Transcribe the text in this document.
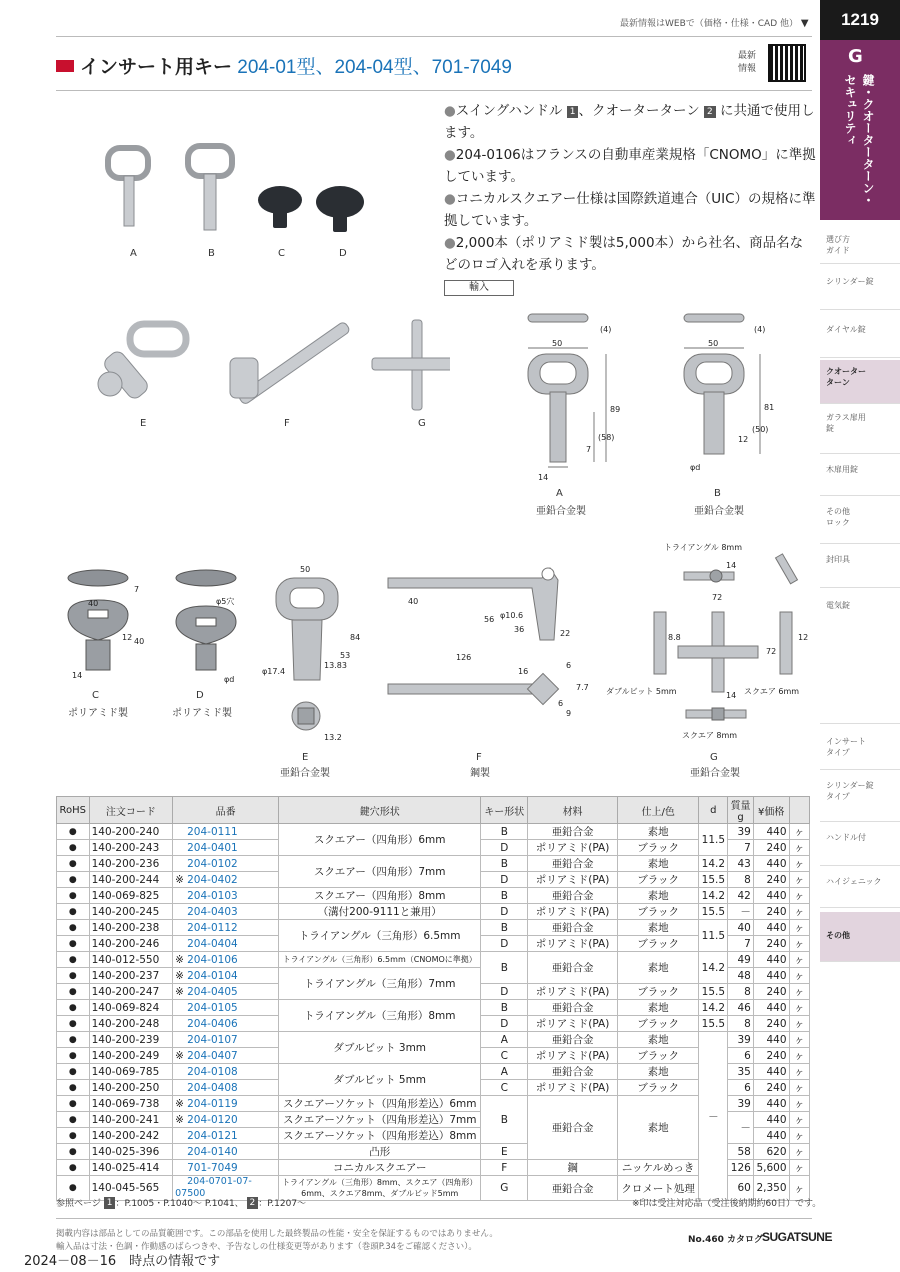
最新情報はWEBで（価格・仕様・CAD 他） ▼
インサート用キー 204-01型、204-04型、701-7049
最新
情報
1219
G
鍵・クオーターターン・
セキュリティ
選び方
ガイド
シリンダー錠
ダイヤル錠
クオーター
ターン
ガラス扉用
錠
木扉用錠
その他
ロック
封印具
電気錠
インサート
タイプ
シリンダー錠
タイプ
ハンドル付
ハイジェニック
その他

●スイングハンドル 1 、クオーターターン 2 に共通で使用します。

●204-0106はフランスの自動車産業規格「CNOMO」に準拠しています。

●コニカルスクエアー仕様は国際鉄道連合（UIC）の規格に準拠しています。

●2,000本（ポリアミド製は5,000本）から社名、商品名などのロゴ入れを承ります。

輸入
A	B	C	D
E	F	G
50
89
(58)
7
14
(4)
A
亜鉛合金製
50
81
(50)
12
φd
(4)
B
亜鉛合金製
40
40
12
14
7
C
ポリアミド製
φ5穴
φd
D
ポリアミド製
50
84
53
13.83
φ17.4
13.2
E
亜鉛合金製
40
126
56 φ10.6
36	22
16
7.7
9
6
6
F
鋼製
トライアングル 8mm
72
72
ダブルビット 5mm	スクエア 6mm
スクエア 8mm
14
14
8.8	12
G
亜鉛合金製
RoHS	注文コード	品番	鍵穴形状	キー形状	材料	仕上/色	d	質量g	¥価格	
●	140-200-240	204-0111	スクエアー（四角形）6mm	B	亜鉛合金	素地	11.5	39	440	ヶ
●	140-200-243	204-0401		D	ポリアミド(PA)	ブラック		7	240	ヶ
●	140-200-236	204-0102	スクエアー（四角形）7mm	B	亜鉛合金	素地	14.2	43	440	ヶ
●	140-200-244	※ 204-0402		D	ポリアミド(PA)	ブラック	15.5	8	240	ヶ
●	140-069-825	204-0103	スクエアー（四角形）8mm	B	亜鉛合金	素地	14.2	42	440	ヶ
●	140-200-245	204-0403	（溝付200-9111と兼用）	D	ポリアミド(PA)	ブラック	15.5	－	240	ヶ
●	140-200-238	204-0112	トライアングル（三角形）6.5mm	B	亜鉛合金	素地	11.5	40	440	ヶ
●	140-200-246	204-0404		D	ポリアミド(PA)	ブラック		7	240	ヶ
●	140-012-550	※ 204-0106	トライアングル（三角形）6.5mm（CNOMOに準拠）	B	亜鉛合金	素地	14.2	49	440	ヶ
●	140-200-237	※ 204-0104	トライアングル（三角形）7mm					48	440	ヶ
●	140-200-247	※ 204-0405		D	ポリアミド(PA)	ブラック	15.5	8	240	ヶ
●	140-069-824	204-0105	トライアングル（三角形）8mm	B	亜鉛合金	素地	14.2	46	440	ヶ
●	140-200-248	204-0406		D	ポリアミド(PA)	ブラック	15.5	8	240	ヶ
●	140-200-239	204-0107	ダブルビット 3mm	A	亜鉛合金	素地	－	39	440	ヶ
●	140-200-249	※ 204-0407		C	ポリアミド(PA)	ブラック		6	240	ヶ
●	140-069-785	204-0108	ダブルビット 5mm	A	亜鉛合金	素地		35	440	ヶ
●	140-200-250	204-0408		C	ポリアミド(PA)	ブラック		6	240	ヶ
●	140-069-738	※ 204-0119	スクエアーソケット（四角形差込）6mm	B	亜鉛合金	素地		39	440	ヶ
●	140-200-241	※ 204-0120	スクエアーソケット（四角形差込）7mm					－	440	ヶ
●	140-200-242	204-0121	スクエアーソケット（四角形差込）8mm						440	ヶ
●	140-025-396	204-0140	凸形	E				58	620	ヶ
●	140-025-414	701-7049	コニカルスクエアー	F	鋼	ニッケルめっき		126	5,600	ヶ
●	140-045-565	204-0701-07-07500	トライアングル（三角形）8mm、スクエア（四角形）6mm、スクエア8mm、ダブルビッド5mm	G	亜鉛合金	クロメート処理		60	2,350	ヶ
参照ページ 1 ：P.1005・P.1040～ P.1041、 2 ：P.1207～	※印は受注対応品（受注後納期約60日）です。
掲載内容は部品としての品質範囲です。この部品を使用した最終製品の性能・安全を保証するものではありません。
輸入品は寸法・色調・作動感のばらつきや、予告なしの仕様変更等があります（巻頭P.34をご確認ください）。
No.460 カタログ
SUGATSUNE
2024－08－16　時点の情報です
